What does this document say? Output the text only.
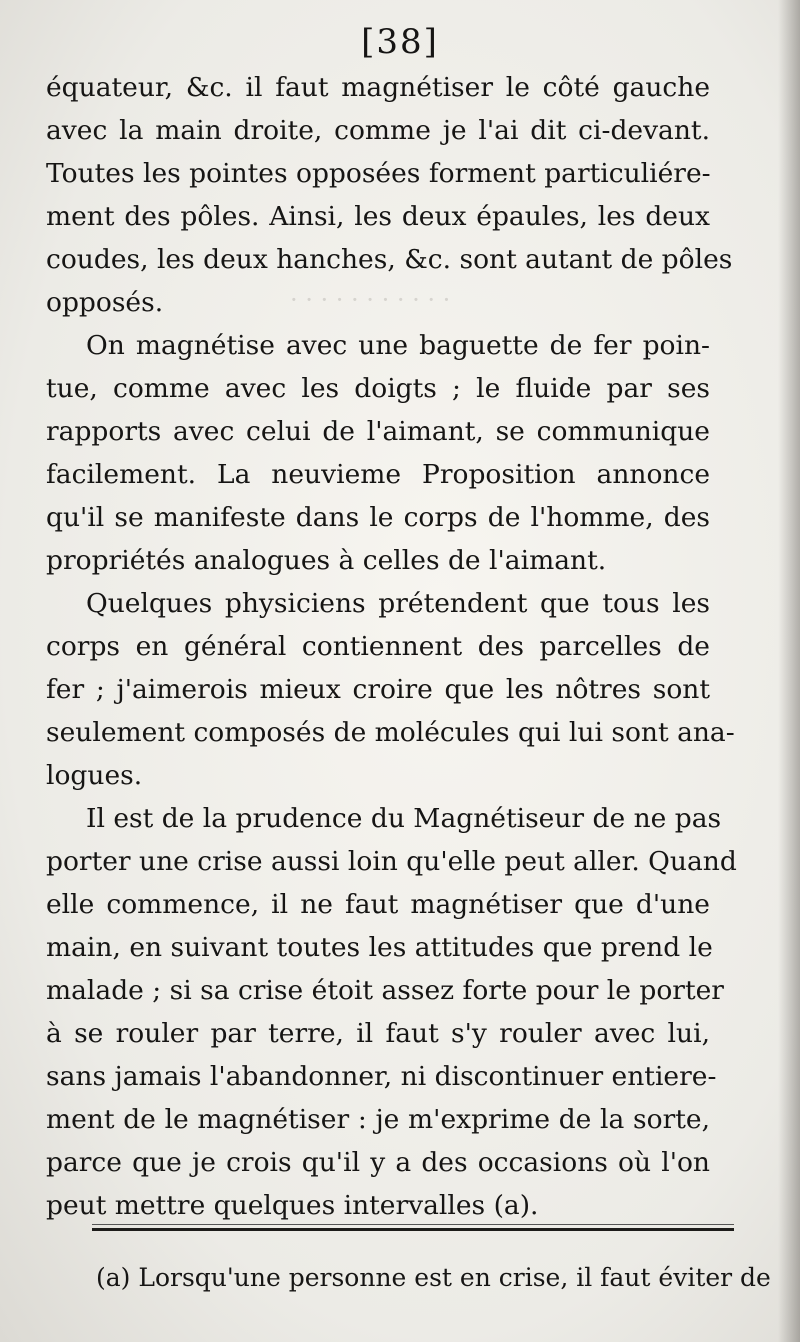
· · · · · · · · · · ·
[38]
équateur, &c. il faut magnétiser le côté gauche
avec la main droite, comme je l'ai dit ci-devant.
Toutes les pointes opposées forment particuliére-
ment des pôles. Ainsi, les deux épaules, les deux
coudes, les deux hanches, &c. sont autant de pôles
opposés.
On magnétise avec une baguette de fer poin-
tue, comme avec les doigts ; le fluide par ses
rapports avec celui de l'aimant, se communique
facilement. La neuvieme Proposition annonce
qu'il se manifeste dans le corps de l'homme, des
propriétés analogues à celles de l'aimant.
Quelques physiciens prétendent que tous les
corps en général contiennent des parcelles de
fer ; j'aimerois mieux croire que les nôtres sont
seulement composés de molécules qui lui sont ana-
logues.
Il est de la prudence du Magnétiseur de ne pas
porter une crise aussi loin qu'elle peut aller. Quand
elle commence, il ne faut magnétiser que d'une
main, en suivant toutes les attitudes que prend le
malade ; si sa crise étoit assez forte pour le porter
à se rouler par terre, il faut s'y rouler avec lui,
sans jamais l'abandonner, ni discontinuer entiere-
ment de le magnétiser : je m'exprime de la sorte,
parce que je crois qu'il y a des occasions où l'on
peut mettre quelques intervalles (a).
(a) Lorsqu'une personne est en crise, il faut éviter de
